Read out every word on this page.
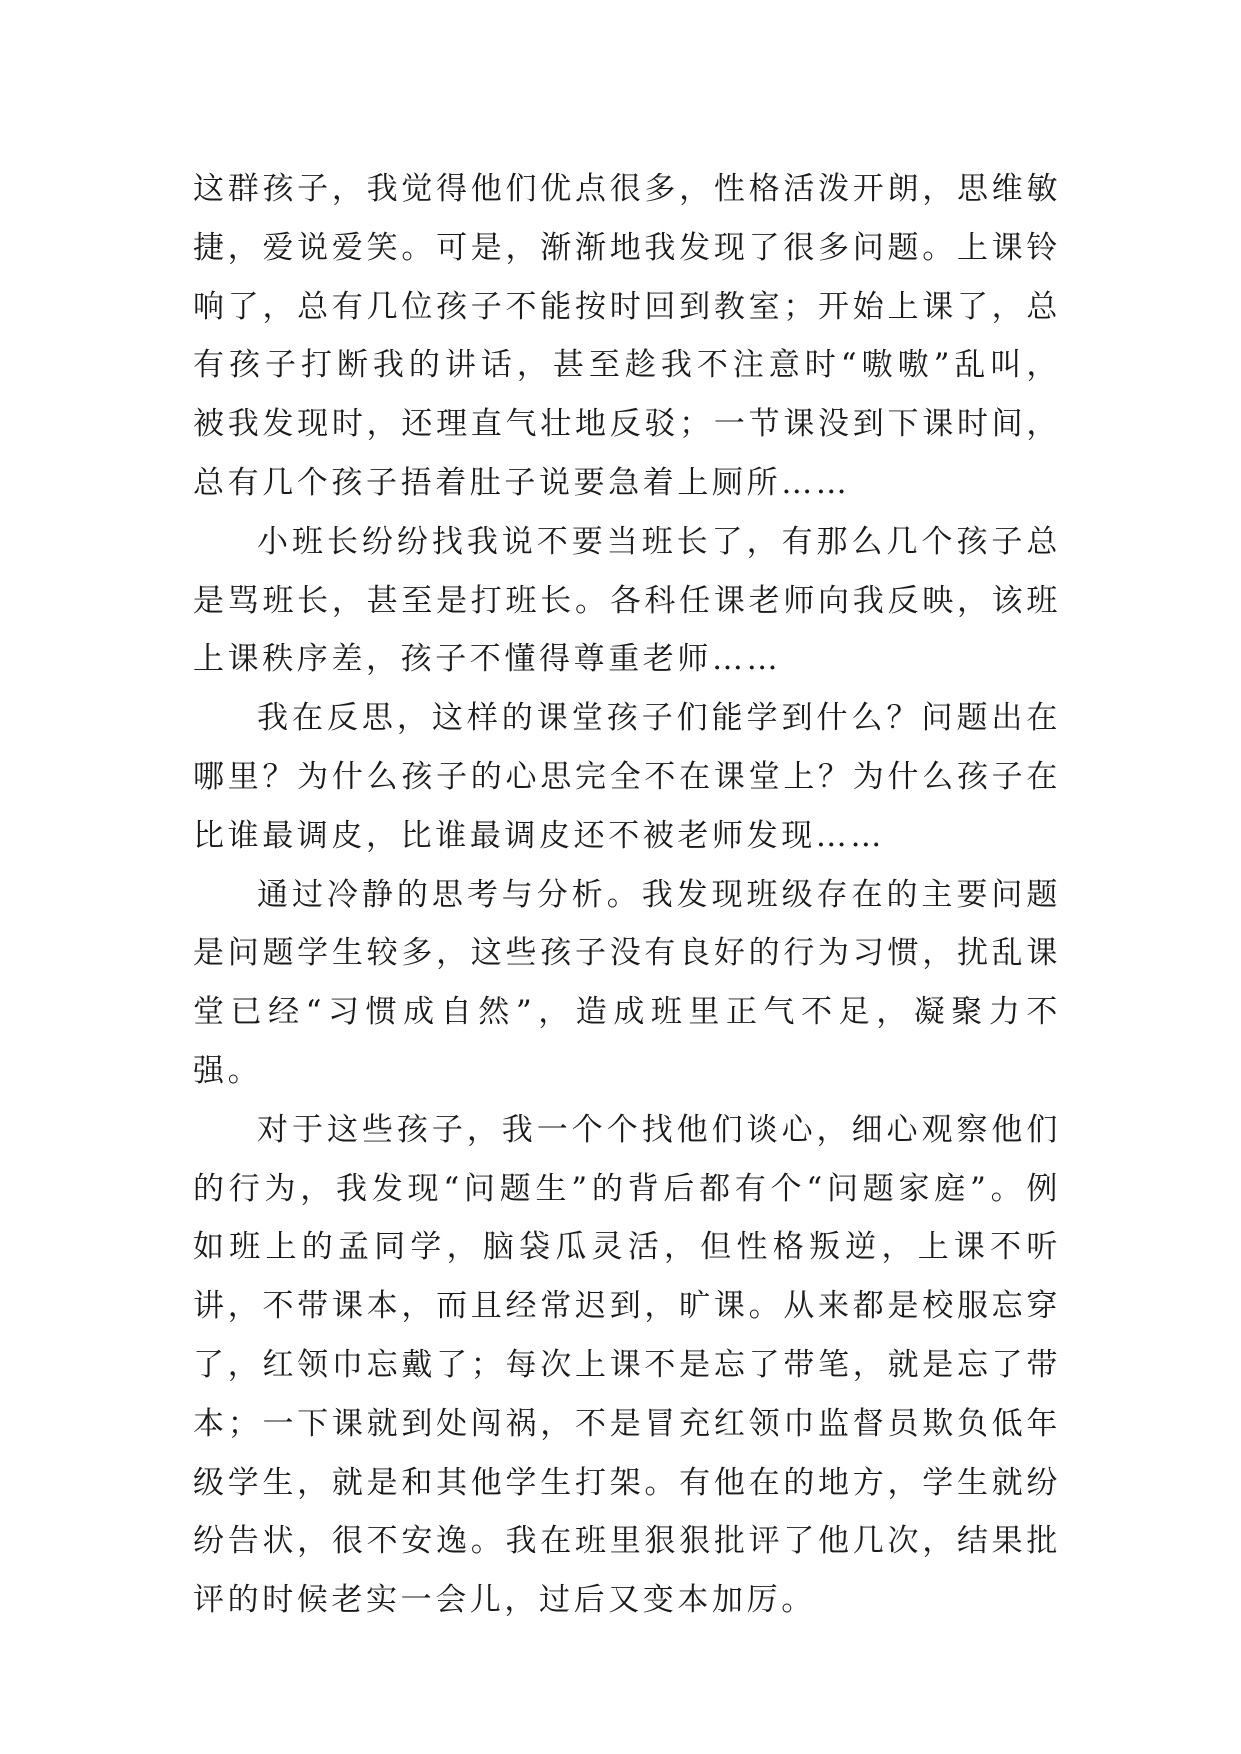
这群孩子，我觉得他们优点很多，性格活泼开朗，思维敏捷，爱说爱笑。可是，渐渐地我发现了很多问题。上课铃响了，总有几位孩子不能按时回到教室；开始上课了，总有孩子打断我的讲话，甚至趁我不注意时“嗷嗷”乱叫，被我发现时，还理直气壮地反驳；一节课没到下课时间，总有几个孩子捂着肚子说要急着上厕所……

小班长纷纷找我说不要当班长了，有那么几个孩子总是骂班长，甚至是打班长。各科任课老师向我反映，该班上课秩序差，孩子不懂得尊重老师……

我在反思，这样的课堂孩子们能学到什么？问题出在哪里？为什么孩子的心思完全不在课堂上？为什么孩子在比谁最调皮，比谁最调皮还不被老师发现……

通过冷静的思考与分析。我发现班级存在的主要问题是问题学生较多，这些孩子没有良好的行为习惯，扰乱课堂已经“习惯成自然”，造成班里正气不足，凝聚力不强。

对于这些孩子，我一个个找他们谈心，细心观察他们的行为，我发现“问题生”的背后都有个“问题家庭”。例如班上的孟同学，脑袋瓜灵活，但性格叛逆，上课不听讲，不带课本，而且经常迟到，旷课。从来都是校服忘穿了，红领巾忘戴了；每次上课不是忘了带笔，就是忘了带本；一下课就到处闯祸，不是冒充红领巾监督员欺负低年级学生，就是和其他学生打架。有他在的地方，学生就纷纷告状，很不安逸。我在班里狠狠批评了他几次，结果批评的时候老实一会儿，过后又变本加厉。
